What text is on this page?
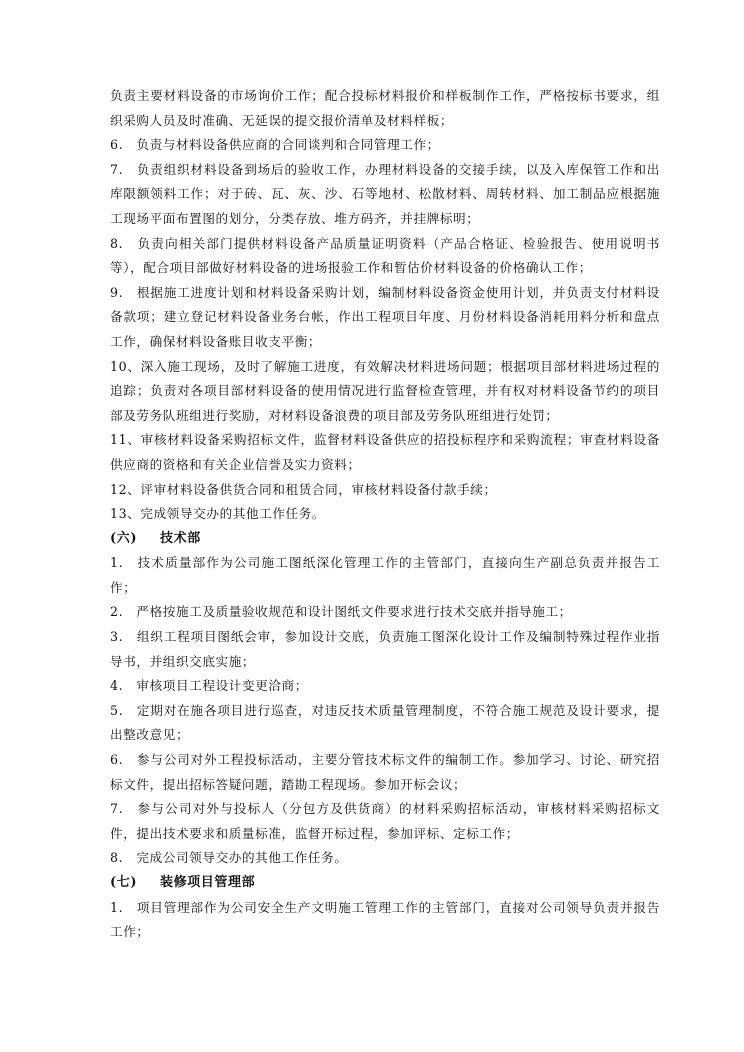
负责主要材料设备的市场询价工作；配合投标材料报价和样板制作工作，严格按标书要求，组织采购人员及时准确、无延误的提交报价清单及材料样板；

6.　负责与材料设备供应商的合同谈判和合同管理工作；

7.　负责组织材料设备到场后的验收工作，办理材料设备的交接手续，以及入库保管工作和出库限额领料工作；对于砖、瓦、灰、沙、石等地材、松散材料、周转材料、加工制品应根据施工现场平面布置图的划分，分类存放、堆方码齐，并挂牌标明；

8.　负责向相关部门提供材料设备产品质量证明资料（产品合格证、检验报告、使用说明书等），配合项目部做好材料设备的进场报验工作和暂估价材料设备的价格确认工作；

9.　根据施工进度计划和材料设备采购计划，编制材料设备资金使用计划，并负责支付材料设备款项；建立登记材料设备业务台帐，作出工程项目年度、月份材料设备消耗用料分析和盘点工作，确保材料设备账目收支平衡；

10、深入施工现场，及时了解施工进度，有效解决材料进场问题；根据项目部材料进场过程的追踪；负责对各项目部材料设备的使用情况进行监督检查管理，并有权对材料设备节约的项目部及劳务队班组进行奖励，对材料设备浪费的项目部及劳务队班组进行处罚；

11、审核材料设备采购招标文件，监督材料设备供应的招投标程序和采购流程；审查材料设备供应商的资格和有关企业信誉及实力资料；

12、评审材料设备供货合同和租赁合同，审核材料设备付款手续；

13、完成领导交办的其他工作任务。

(六) 技术部

1.　技术质量部作为公司施工图纸深化管理工作的主管部门，直接向生产副总负责并报告工作；

2.　严格按施工及质量验收规范和设计图纸文件要求进行技术交底并指导施工；

3.　组织工程项目图纸会审，参加设计交底，负责施工图深化设计工作及编制特殊过程作业指导书，并组织交底实施；

4.　审核项目工程设计变更洽商；

5.　定期对在施各项目进行巡查，对违反技术质量管理制度，不符合施工规范及设计要求，提出整改意见；

6.　参与公司对外工程投标活动，主要分管技术标文件的编制工作。参加学习、讨论、研究招标文件，提出招标答疑问题，踏勘工程现场。参加开标会议；

7.　参与公司对外与投标人（分包方及供货商）的材料采购招标活动，审核材料采购招标文件，提出技术要求和质量标准，监督开标过程，参加评标、定标工作；

8.　完成公司领导交办的其他工作任务。

(七) 装修项目管理部

1.　项目管理部作为公司安全生产文明施工管理工作的主管部门，直接对公司领导负责并报告工作；
